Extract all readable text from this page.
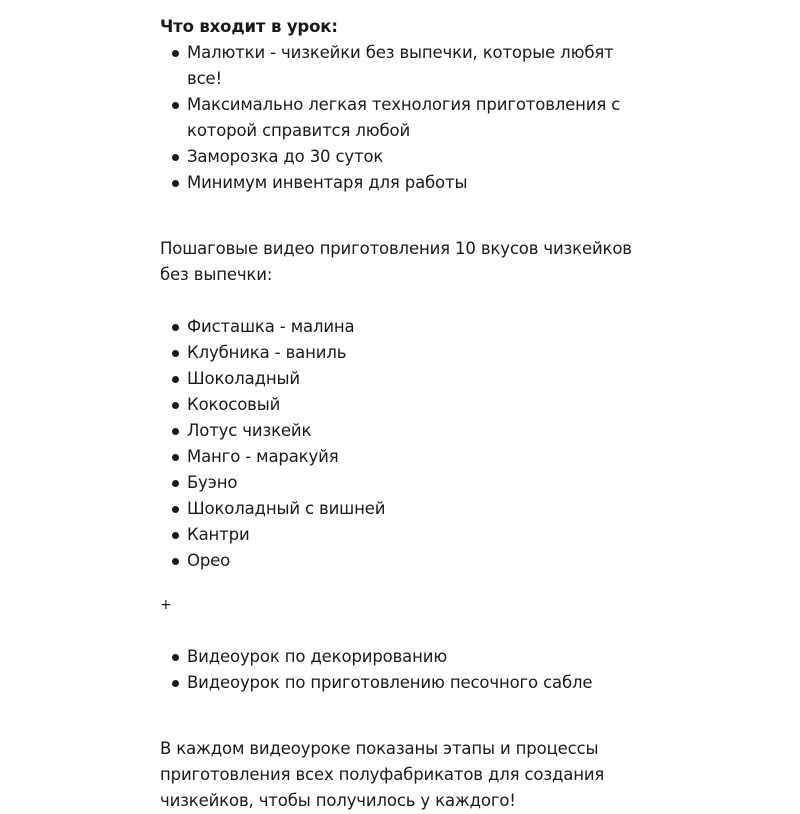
Что входит в урок:

Малютки - чизкейки без выпечки, которые любят все!
Максимально легкая технология приготовления с которой справится любой
Заморозка до 30 суток
Минимум инвентаря для работы

Пошаговые видео приготовления 10 вкусов чизкейков без выпечки:

Фисташка - малина
Клубника - ваниль
Шоколадный
Кокосовый
Лотус чизкейк
Манго - маракуйя
Буэно
Шоколадный с вишней
Кантри
Орео

+

Видеоурок по декорированию
Видеоурок по приготовлению песочного сабле

В каждом видеоуроке показаны этапы и процессы приготовления всех полуфабрикатов для создания чизкейков, чтобы получилось у каждого!
